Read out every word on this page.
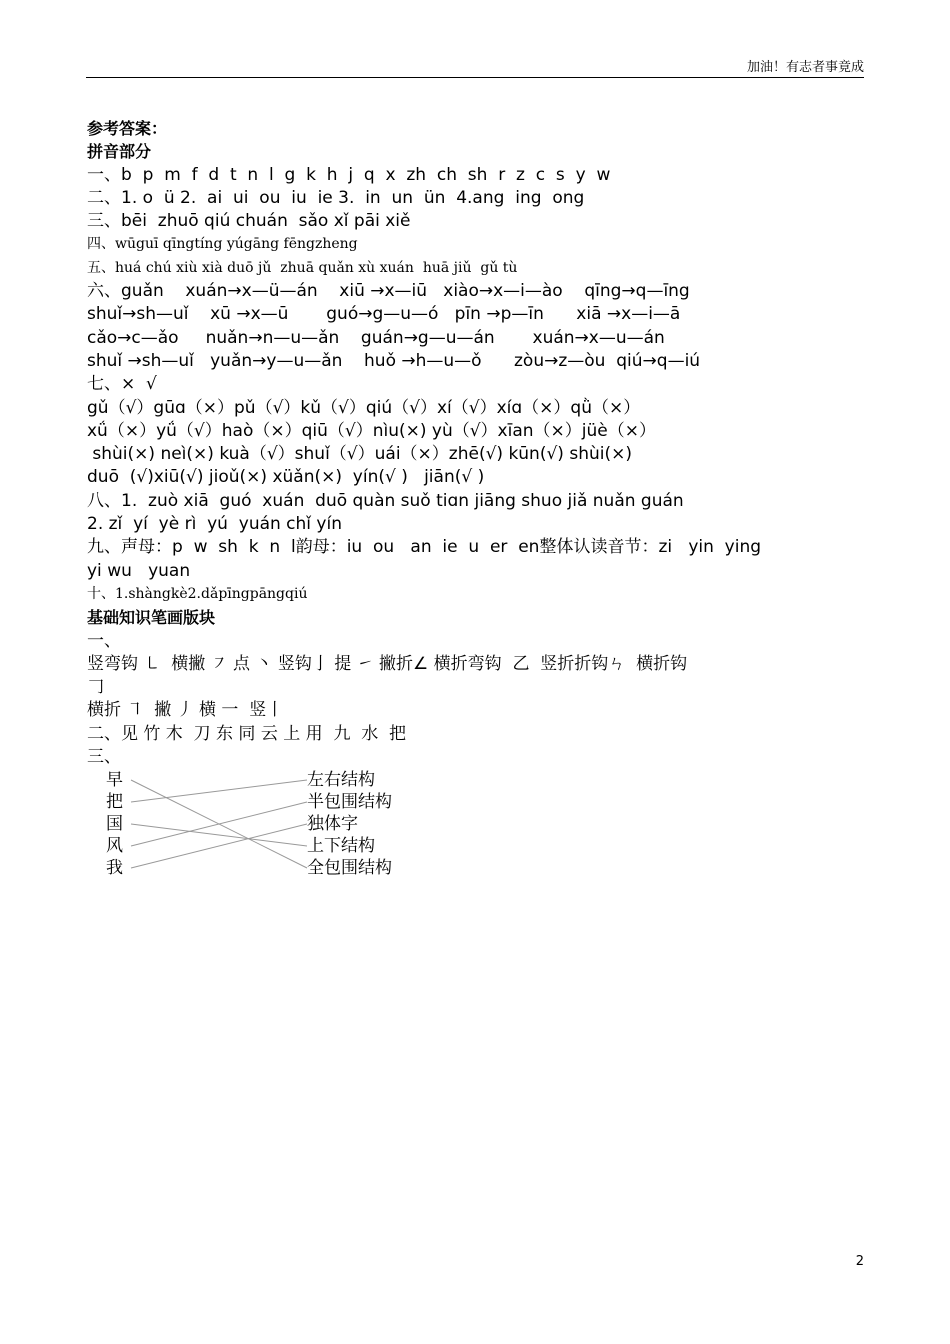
加油！有志者事竟成
参考答案：
拼音部分
一、b  p  m  f  d  t  n  l  g  k  h  j  q  x  zh  ch  sh  r  z  c  s  y  w
二、1. o  ü 2.  ai  ui  ou  iu  ie 3.  in  un  ün  4.ang  ing  ong
三、bēi  zhuō qiú chuán  sǎo xǐ pāi xiě
四、wūguī qīngtíng yúgāng fēngzheng
五、huá chú xiù xià duō jǔ  zhuā quǎn xù xuán  huā jiǔ  gǔ tù
六、guǎn    xuán→x—ü—án    xiū →x—iū   xiào→x—i—ào    qīng→q—īng
shuǐ→sh—uǐ    xū →x—ū       guó→g—u—ó   pīn →p—īn      xiā →x—i—ā
cǎo→c—ǎo     nuǎn→n—u—ǎn    guán→g—u—án       xuán→x—u—án
shuǐ →sh—uǐ   yuǎn→y—u—ǎn    huǒ →h—u—ǒ      zòu→z—òu  qiú→q—iú
七、×  √
gǔ（√）gūɑ（×）pǔ（√）kǔ（√）qiú（√）xí（√）xíɑ（×）qǜ（×）
xǘ（×）yǘ（√）haò（×）qiū（√）nìu(×) yù（√）xīan（×）jüè（×）
shùi(×) neì(×) kuà（√）shuǐ（√）uái（×）zhē(√) kūn(√) shùi(×)
duō  (√)xiū(√) jioǔ(×) xüǎn(×)  yín(√ )   jiān(√ )
八、1.  zuò xiā  guó  xuán  duō quàn suǒ tiɑn jiāng shuo jiǎ nuǎn guán
2. zǐ  yí  yè rì  yú  yuán chǐ yín
九、声母：p  w  sh  k  n  l韵母：iu  ou   an  ie  u  er  en整体认读音节：zi   yin  ying
yi wu   yuan
十、1.shàngkè2.dǎpīngpāngqiú
基础知识笔画版块
一、
竖弯钩 ㇄  横撇 ㇇ 点 丶 竖钩亅 提 ㇀ 撇折∠ 横折弯钩  乙  竖折折钩ㄣ  横折钩
𠃌
横折 ㇕  撇 丿 横 一  竖丨
二、见 竹 木  刀 东 同 云 上 用  九  水  把
三、
早
把
国
风
我
左右结构
半包围结构
独体字
上下结构
全包围结构
2
